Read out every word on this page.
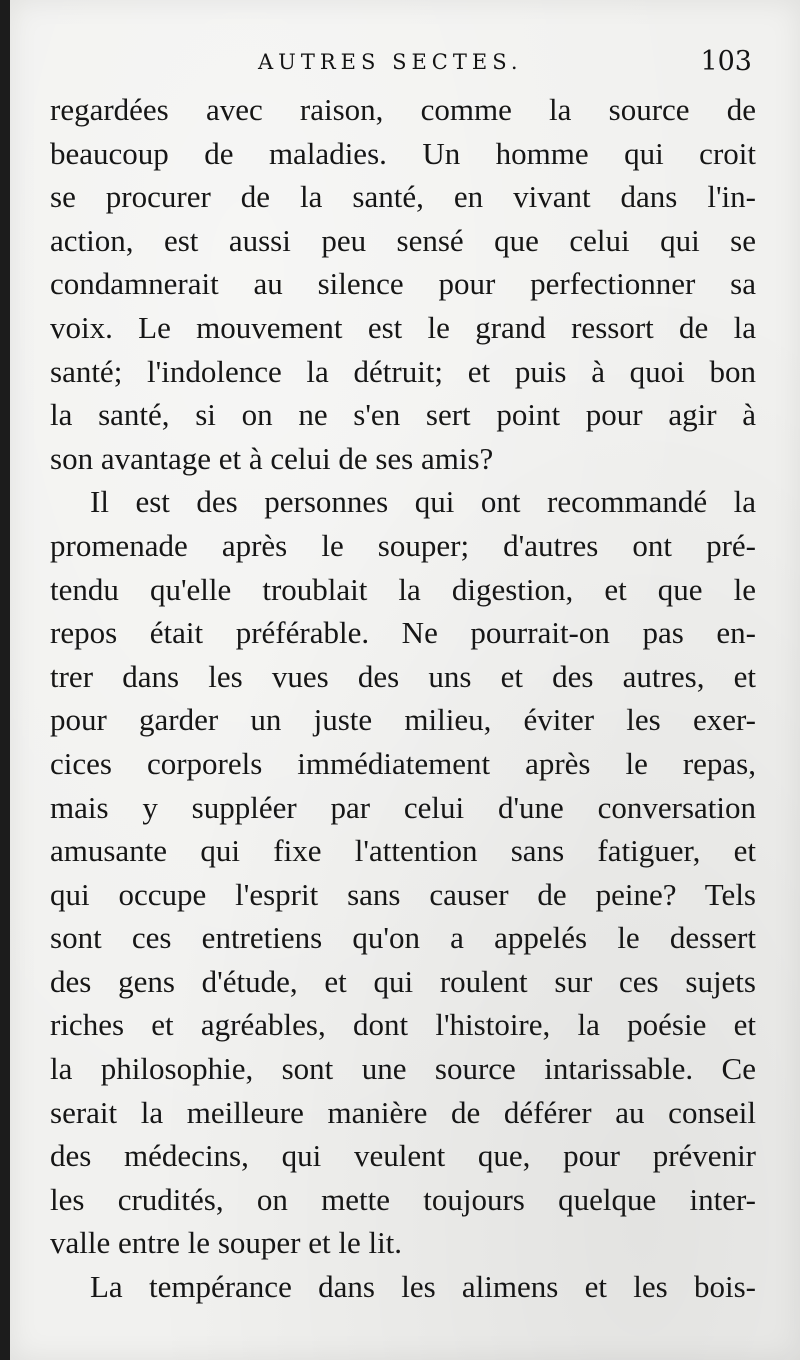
AUTRES SECTES.	103

regardées avec raison, comme la source de
beaucoup de maladies. Un homme qui croit
se procurer de la santé, en vivant dans l'in-
action, est aussi peu sensé que celui qui se
condamnerait au silence pour perfectionner sa
voix. Le mouvement est le grand ressort de la
santé; l'indolence la détruit; et puis à quoi bon
la santé, si on ne s'en sert point pour agir à
son avantage et à celui de ses amis?

Il est des personnes qui ont recommandé la
promenade après le souper; d'autres ont pré-
tendu qu'elle troublait la digestion, et que le
repos était préférable. Ne pourrait-on pas en-
trer dans les vues des uns et des autres, et
pour garder un juste milieu, éviter les exer-
cices corporels immédiatement après le repas,
mais y suppléer par celui d'une conversation
amusante qui fixe l'attention sans fatiguer, et
qui occupe l'esprit sans causer de peine? Tels
sont ces entretiens qu'on a appelés le dessert
des gens d'étude, et qui roulent sur ces sujets
riches et agréables, dont l'histoire, la poésie et
la philosophie, sont une source intarissable. Ce
serait la meilleure manière de déférer au conseil
des médecins, qui veulent que, pour prévenir
les crudités, on mette toujours quelque inter-
valle entre le souper et le lit.

La tempérance dans les alimens et les bois-
